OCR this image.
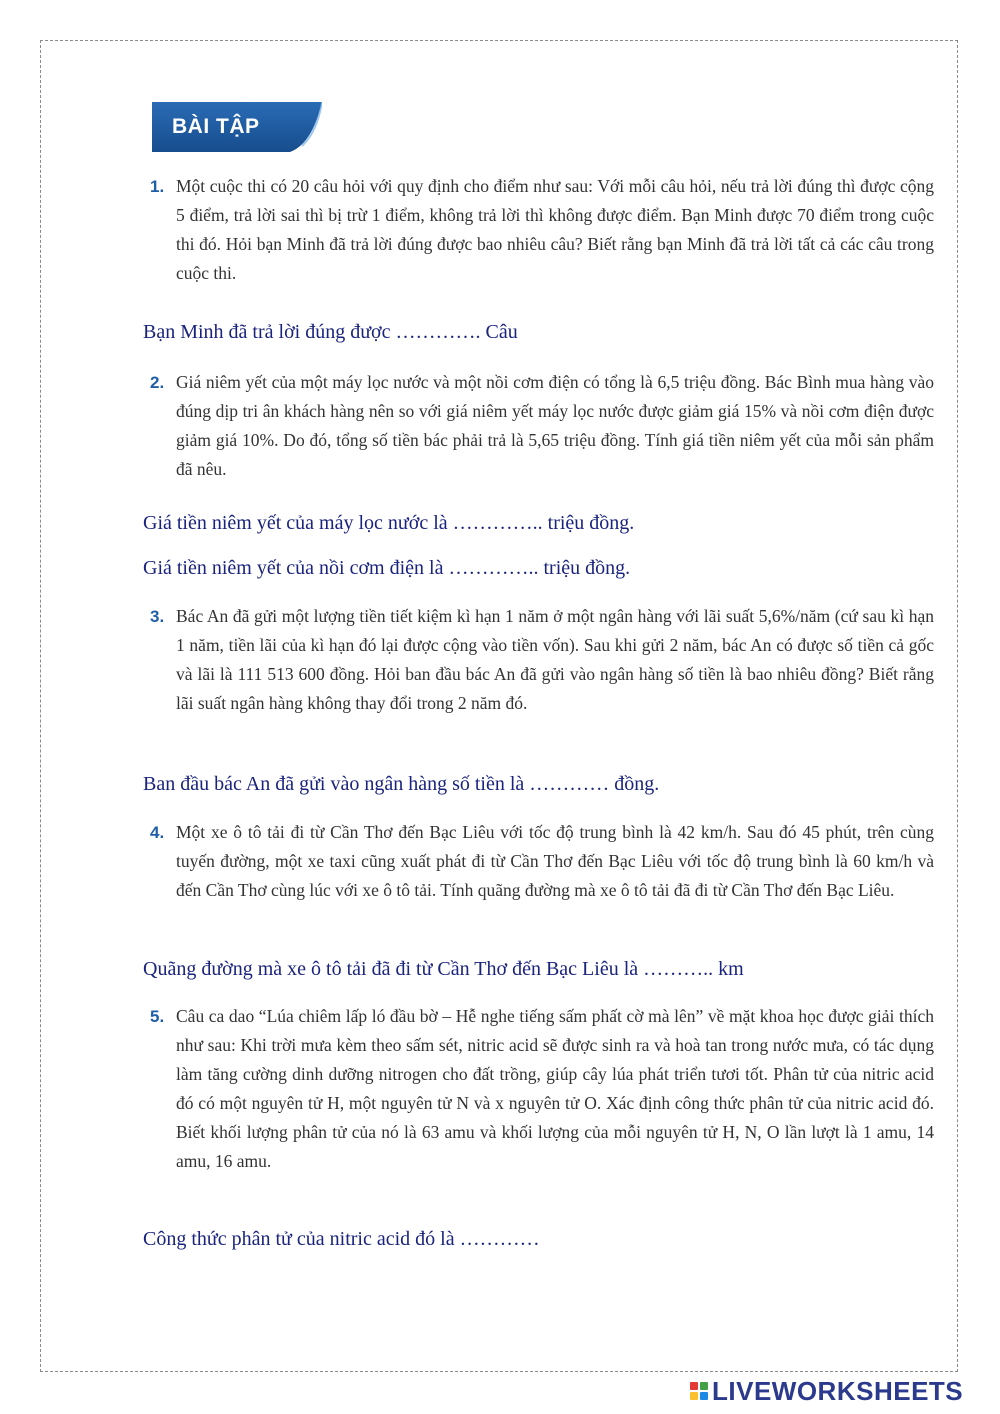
BÀI TẬP
1. Một cuộc thi có 20 câu hỏi với quy định cho điểm như sau: Với mỗi câu hỏi, nếu trả lời đúng thì được cộng 5 điểm, trả lời sai thì bị trừ 1 điểm, không trả lời thì không được điểm. Bạn Minh được 70 điểm trong cuộc thi đó. Hỏi bạn Minh đã trả lời đúng được bao nhiêu câu? Biết rằng bạn Minh đã trả lời tất cả các câu trong cuộc thi.
Bạn Minh đã trả lời đúng được …………. Câu
2. Giá niêm yết của một máy lọc nước và một nồi cơm điện có tổng là 6,5 triệu đồng. Bác Bình mua hàng vào đúng dịp tri ân khách hàng nên so với giá niêm yết máy lọc nước được giảm giá 15% và nồi cơm điện được giảm giá 10%. Do đó, tổng số tiền bác phải trả là 5,65 triệu đồng. Tính giá tiền niêm yết của mỗi sản phẩm đã nêu.
Giá tiền niêm yết của máy lọc nước là ………….. triệu đồng.
Giá tiền niêm yết của nồi cơm điện là ………….. triệu đồng.
3. Bác An đã gửi một lượng tiền tiết kiệm kì hạn 1 năm ở một ngân hàng với lãi suất 5,6%/năm (cứ sau kì hạn 1 năm, tiền lãi của kì hạn đó lại được cộng vào tiền vốn). Sau khi gửi 2 năm, bác An có được số tiền cả gốc và lãi là 111 513 600 đồng. Hỏi ban đầu bác An đã gửi vào ngân hàng số tiền là bao nhiêu đồng? Biết rằng lãi suất ngân hàng không thay đổi trong 2 năm đó.
Ban đầu bác An đã gửi vào ngân hàng số tiền là ………… đồng.
4. Một xe ô tô tải đi từ Cần Thơ đến Bạc Liêu với tốc độ trung bình là 42 km/h. Sau đó 45 phút, trên cùng tuyến đường, một xe taxi cũng xuất phát đi từ Cần Thơ đến Bạc Liêu với tốc độ trung bình là 60 km/h và đến Cần Thơ cùng lúc với xe ô tô tải. Tính quãng đường mà xe ô tô tải đã đi từ Cần Thơ đến Bạc Liêu.
Quãng đường mà xe ô tô tải đã đi từ Cần Thơ đến Bạc Liêu là ……….. km
5. Câu ca dao “Lúa chiêm lấp ló đầu bờ – Hễ nghe tiếng sấm phất cờ mà lên” về mặt khoa học được giải thích như sau: Khi trời mưa kèm theo sấm sét, nitric acid sẽ được sinh ra và hoà tan trong nước mưa, có tác dụng làm tăng cường dinh dưỡng nitrogen cho đất trồng, giúp cây lúa phát triển tươi tốt. Phân tử của nitric acid đó có một nguyên tử H, một nguyên tử N và x nguyên tử O. Xác định công thức phân tử của nitric acid đó. Biết khối lượng phân tử của nó là 63 amu và khối lượng của mỗi nguyên tử H, N, O lần lượt là 1 amu, 14 amu, 16 amu.
Công thức phân tử của nitric acid đó là …………
LIVEWORKSHEETS
